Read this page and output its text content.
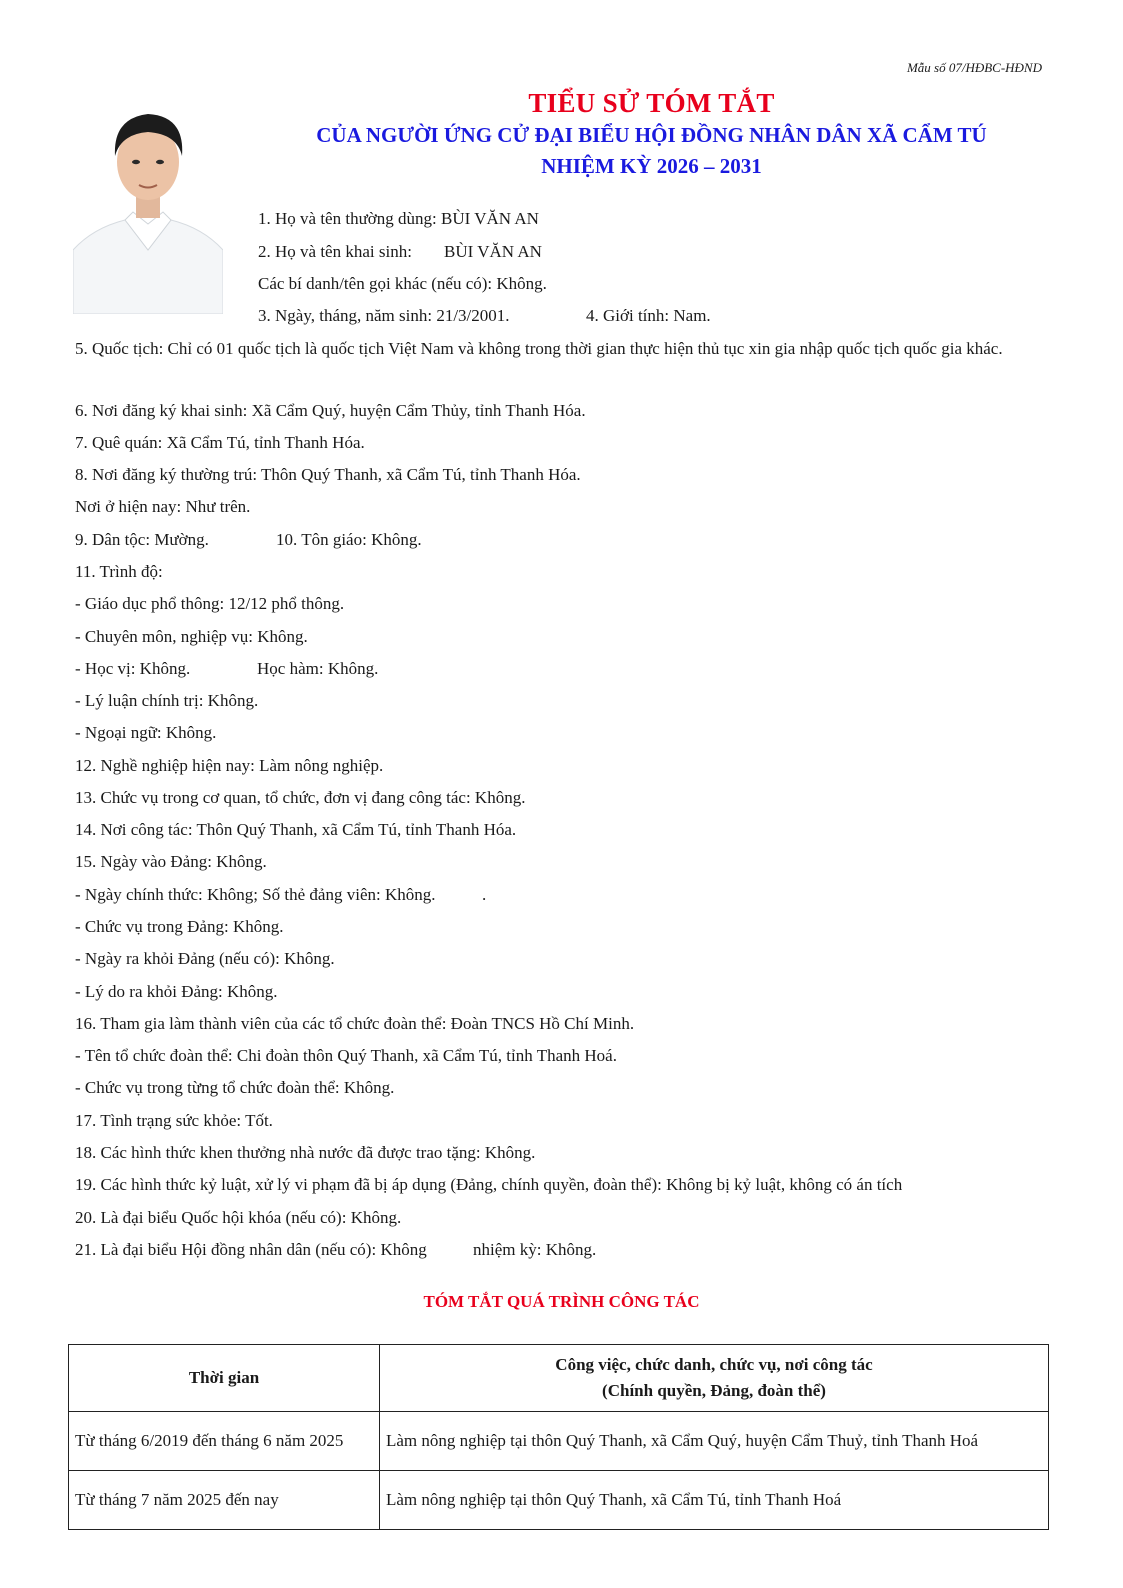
Mẫu số 07/HĐBC-HĐND
TIỂU SỬ TÓM TẮT
CỦA NGƯỜI ỨNG CỬ ĐẠI BIỂU HỘI ĐỒNG NHÂN DÂN XÃ CẨM TÚ
NHIỆM KỲ 2026 – 2031
1. Họ và tên thường dùng: BÙI VĂN AN
2. Họ và tên khai sinh: BÙI VĂN AN
Các bí danh/tên gọi khác (nếu có): Không.
3. Ngày, tháng, năm sinh: 21/3/2001.	4. Giới tính: Nam.
5. Quốc tịch: Chỉ có 01 quốc tịch là quốc tịch Việt Nam và không trong thời gian thực hiện thủ tục xin gia nhập quốc tịch quốc gia khác.
6. Nơi đăng ký khai sinh: Xã Cẩm Quý, huyện Cẩm Thủy, tỉnh Thanh Hóa.
7. Quê quán: Xã Cẩm Tú, tỉnh Thanh Hóa.
8. Nơi đăng ký thường trú: Thôn Quý Thanh, xã Cẩm Tú, tỉnh Thanh Hóa.
Nơi ở hiện nay: Như trên.
9. Dân tộc: Mường.	10. Tôn giáo: Không.
11. Trình độ:
- Giáo dục phổ thông: 12/12 phổ thông.
- Chuyên môn, nghiệp vụ: Không.
- Học vị: Không.	Học hàm: Không.
- Lý luận chính trị: Không.
- Ngoại ngữ: Không.
12. Nghề nghiệp hiện nay: Làm nông nghiệp.
13. Chức vụ trong cơ quan, tổ chức, đơn vị đang công tác: Không.
14. Nơi công tác: Thôn Quý Thanh, xã Cẩm Tú, tỉnh Thanh Hóa.
15. Ngày vào Đảng: Không.
- Ngày chính thức: Không; Số thẻ đảng viên: Không.	.
- Chức vụ trong Đảng: Không.
- Ngày ra khỏi Đảng (nếu có): Không.
- Lý do ra khỏi Đảng: Không.
16. Tham gia làm thành viên của các tổ chức đoàn thể: Đoàn TNCS Hồ Chí Minh.
- Tên tổ chức đoàn thể: Chi đoàn thôn Quý Thanh, xã Cẩm Tú, tỉnh Thanh Hoá.
- Chức vụ trong từng tổ chức đoàn thể: Không.
17. Tình trạng sức khỏe: Tốt.
18. Các hình thức khen thưởng nhà nước đã được trao tặng: Không.
19. Các hình thức kỷ luật, xử lý vi phạm đã bị áp dụng (Đảng, chính quyền, đoàn thể): Không bị kỷ luật, không có án tích
20. Là đại biểu Quốc hội khóa (nếu có): Không.
21. Là đại biểu Hội đồng nhân dân (nếu có): Không	nhiệm kỳ: Không.
TÓM TẮT QUÁ TRÌNH CÔNG TÁC
Thời gian	Công việc, chức danh, chức vụ, nơi công tác
(Chính quyền, Đảng, đoàn thể)

Từ tháng 6/2019 đến tháng 6 năm 2025	Làm nông nghiệp tại thôn Quý Thanh, xã Cẩm Quý, huyện Cẩm Thuỷ, tỉnh Thanh Hoá
Từ tháng 7 năm 2025 đến nay	Làm nông nghiệp tại thôn Quý Thanh, xã Cẩm Tú, tỉnh Thanh Hoá
